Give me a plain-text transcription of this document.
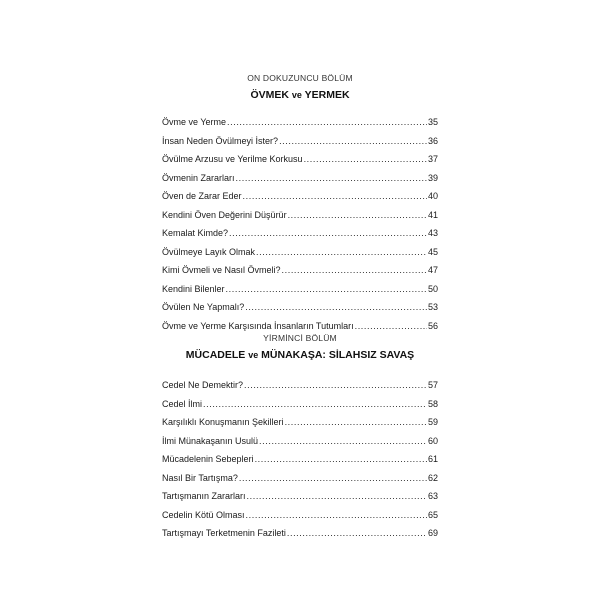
ON DOKUZUNCU BÖLÜM

ÖVMEK ve YERMEK
Övme ve Yerme .....	35
İnsan Neden Övülmeyi İster? .....	36
Övülme Arzusu ve Yerilme Korkusu .....	37
Övmenin Zararları .....	39
Öven de Zarar Eder .....	40
Kendini Öven Değerini Düşürür .....	41
Kemalat Kimde? .....	43
Övülmeye Layık Olmak .....	45
Kimi Övmeli ve Nasıl Övmeli? .....	47
Kendini Bilenler .....	50
Övülen Ne Yapmalı? .....	53
Övme ve Yerme Karşısında İnsanların Tutumları .....	56

YİRMİNCİ BÖLÜM

MÜCADELE ve MÜNAKAŞA: SİLAHSIZ SAVAŞ
Cedel Ne Demektir? .....	57
Cedel İlmi .....	58
Karşılıklı Konuşmanın Şekilleri .....	59
İlmi Münakaşanın Usulü .....	60
Mücadelenin Sebepleri .....	61
Nasıl Bir Tartışma? .....	62
Tartışmanın Zararları .....	63
Cedelin Kötü Olması .....	65
Tartışmayı Terketmenin Fazileti .....	69
